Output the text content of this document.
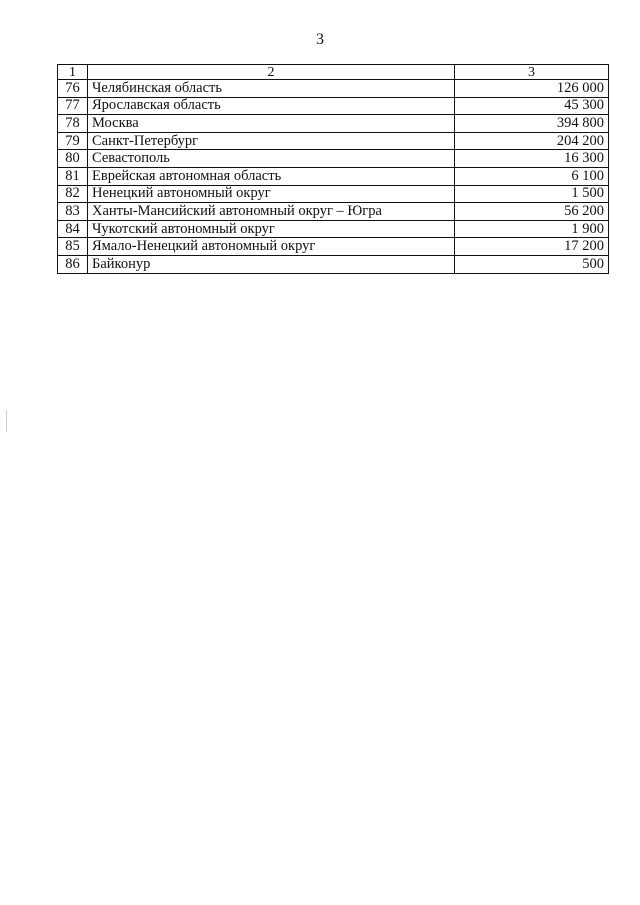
3
1	2	3
76	Челябинская область	126 000
77	Ярославская область	45 300
78	Москва	394 800
79	Санкт-Петербург	204 200
80	Севастополь	16 300
81	Еврейская автономная область	6 100
82	Ненецкий автономный округ	1 500
83	Ханты-Мансийский автономный округ – Югра	56 200
84	Чукотский автономный округ	1 900
85	Ямало-Ненецкий автономный округ	17 200
86	Байконур	500
